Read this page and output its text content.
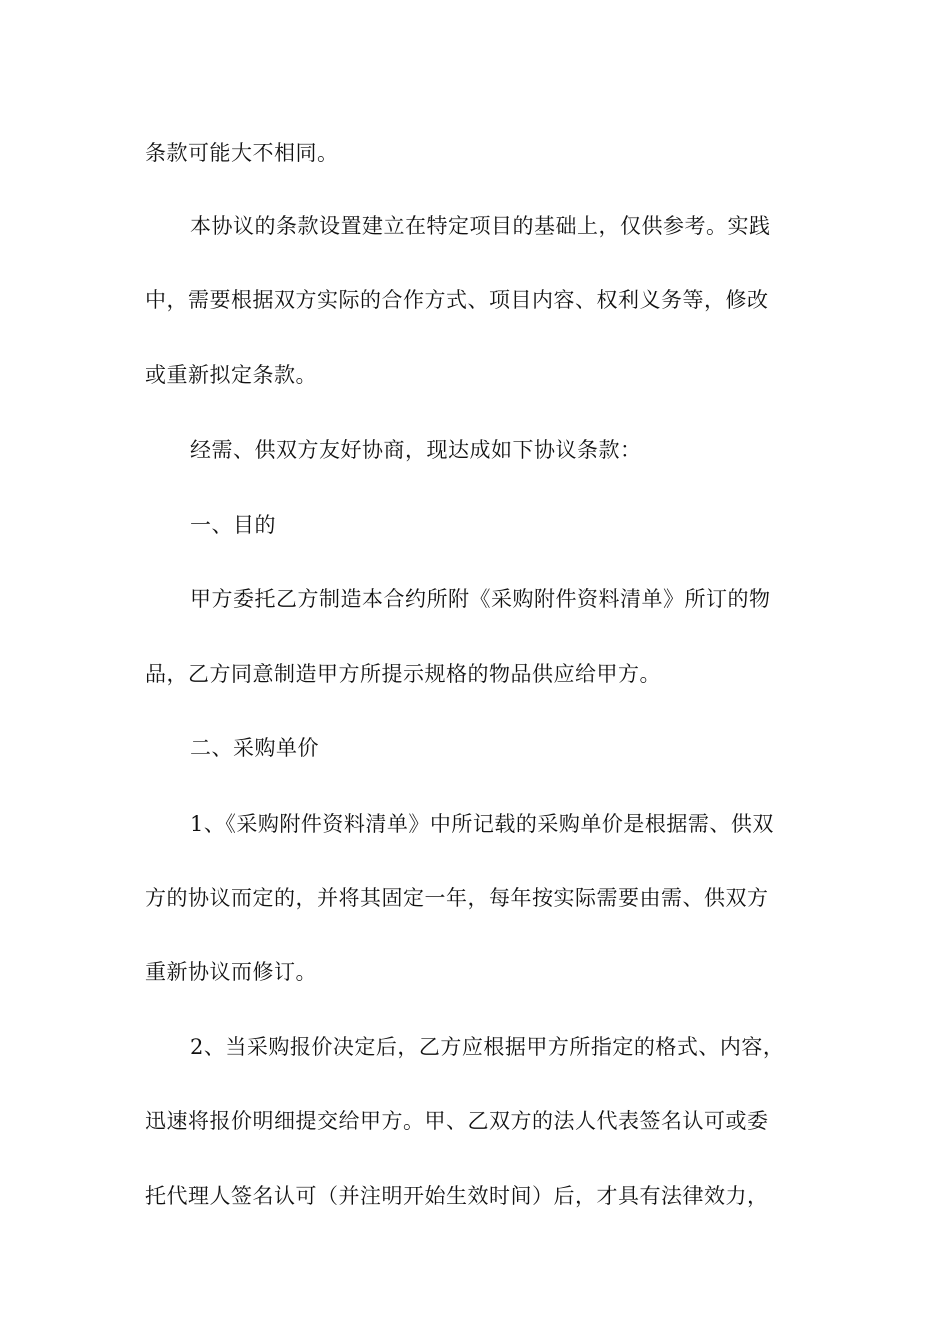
条款可能大不相同。
本协议的条款设置建立在特定项目的基础上，仅供参考。实践
中，需要根据双方实际的合作方式、项目内容、权利义务等，修改
或重新拟定条款。
经需、供双方友好协商，现达成如下协议条款：
一、目的
甲方委托乙方制造本合约所附《采购附件资料清单》所订的物
品，乙方同意制造甲方所提示规格的物品供应给甲方。
二、采购单价
1、《采购附件资料清单》中所记载的采购单价是根据需、供双
方的协议而定的，并将其固定一年，每年按实际需要由需、供双方
重新协议而修订。
2、当采购报价决定后，乙方应根据甲方所指定的格式、内容，
迅速将报价明细提交给甲方。甲、乙双方的法人代表签名认可或委
托代理人签名认可（并注明开始生效时间）后，才具有法律效力，
